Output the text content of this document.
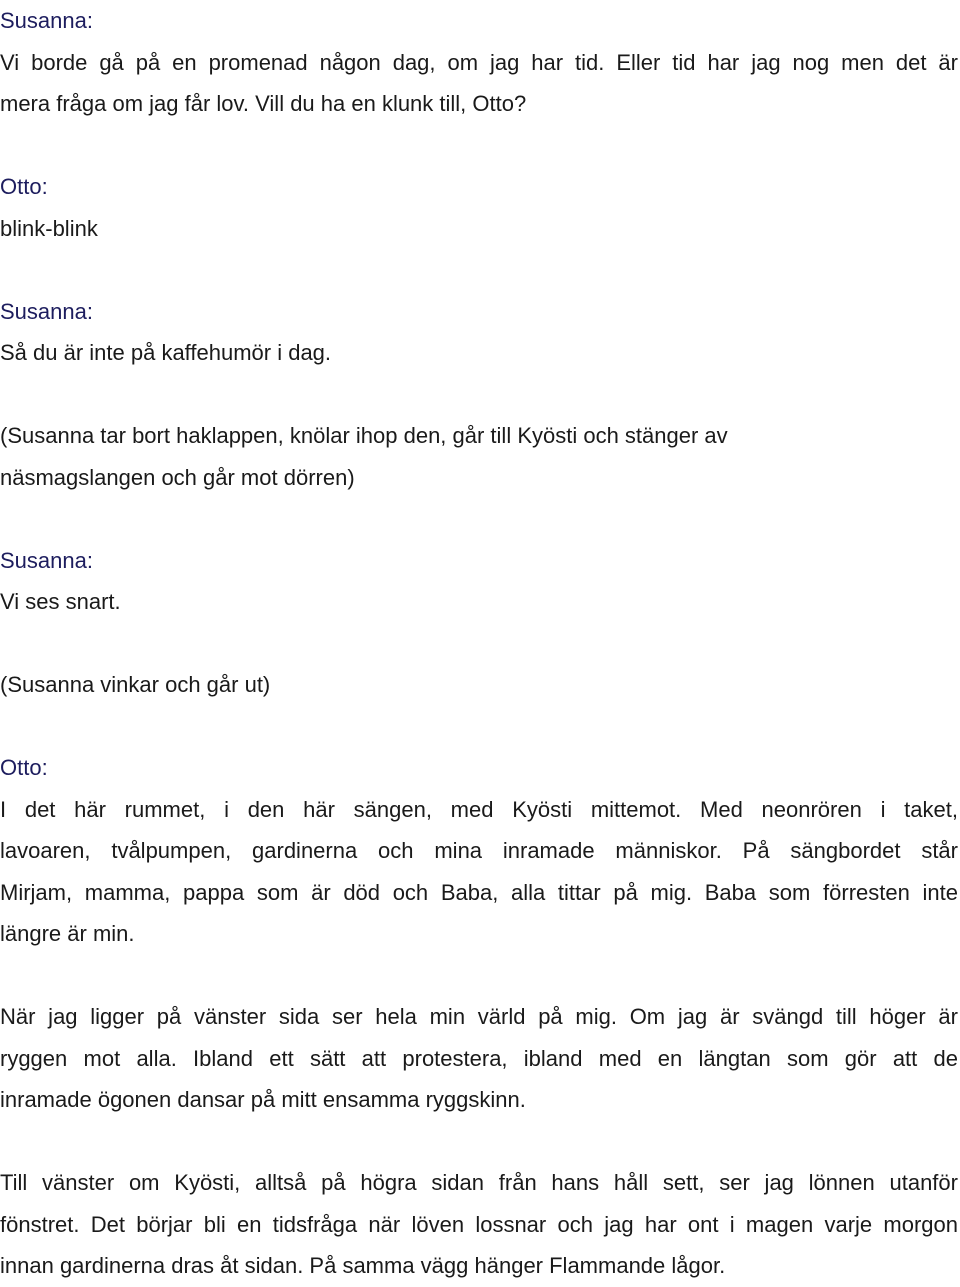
Susanna:
Vi borde gå på en promenad någon dag, om jag har tid. Eller tid har jag nog men det är
mera fråga om jag får lov. Vill du ha en klunk till, Otto?
Otto:
blink-blink
Susanna:
Så du är inte på kaffehumör i dag.
(Susanna tar bort haklappen, knölar ihop den, går till Kyösti och stänger av
näsmagslangen och går mot dörren)
Susanna:
Vi ses snart.
(Susanna vinkar och går ut)
Otto:
I det här rummet, i den här sängen, med Kyösti mittemot. Med neonrören i taket,
lavoaren, tvålpumpen, gardinerna och mina inramade människor. På sängbordet står
Mirjam, mamma, pappa som är död och Baba, alla tittar på mig. Baba som förresten inte
längre är min.
När jag ligger på vänster sida ser hela min värld på mig. Om jag är svängd till höger är
ryggen mot alla. Ibland ett sätt att protestera, ibland med en längtan som gör att de
inramade ögonen dansar på mitt ensamma ryggskinn.
Till vänster om Kyösti, alltså på högra sidan från hans håll sett, ser jag lönnen utanför
fönstret. Det börjar bli en tidsfråga när löven lossnar och jag har ont i magen varje morgon
innan gardinerna dras åt sidan. På samma vägg hänger Flammande lågor.
